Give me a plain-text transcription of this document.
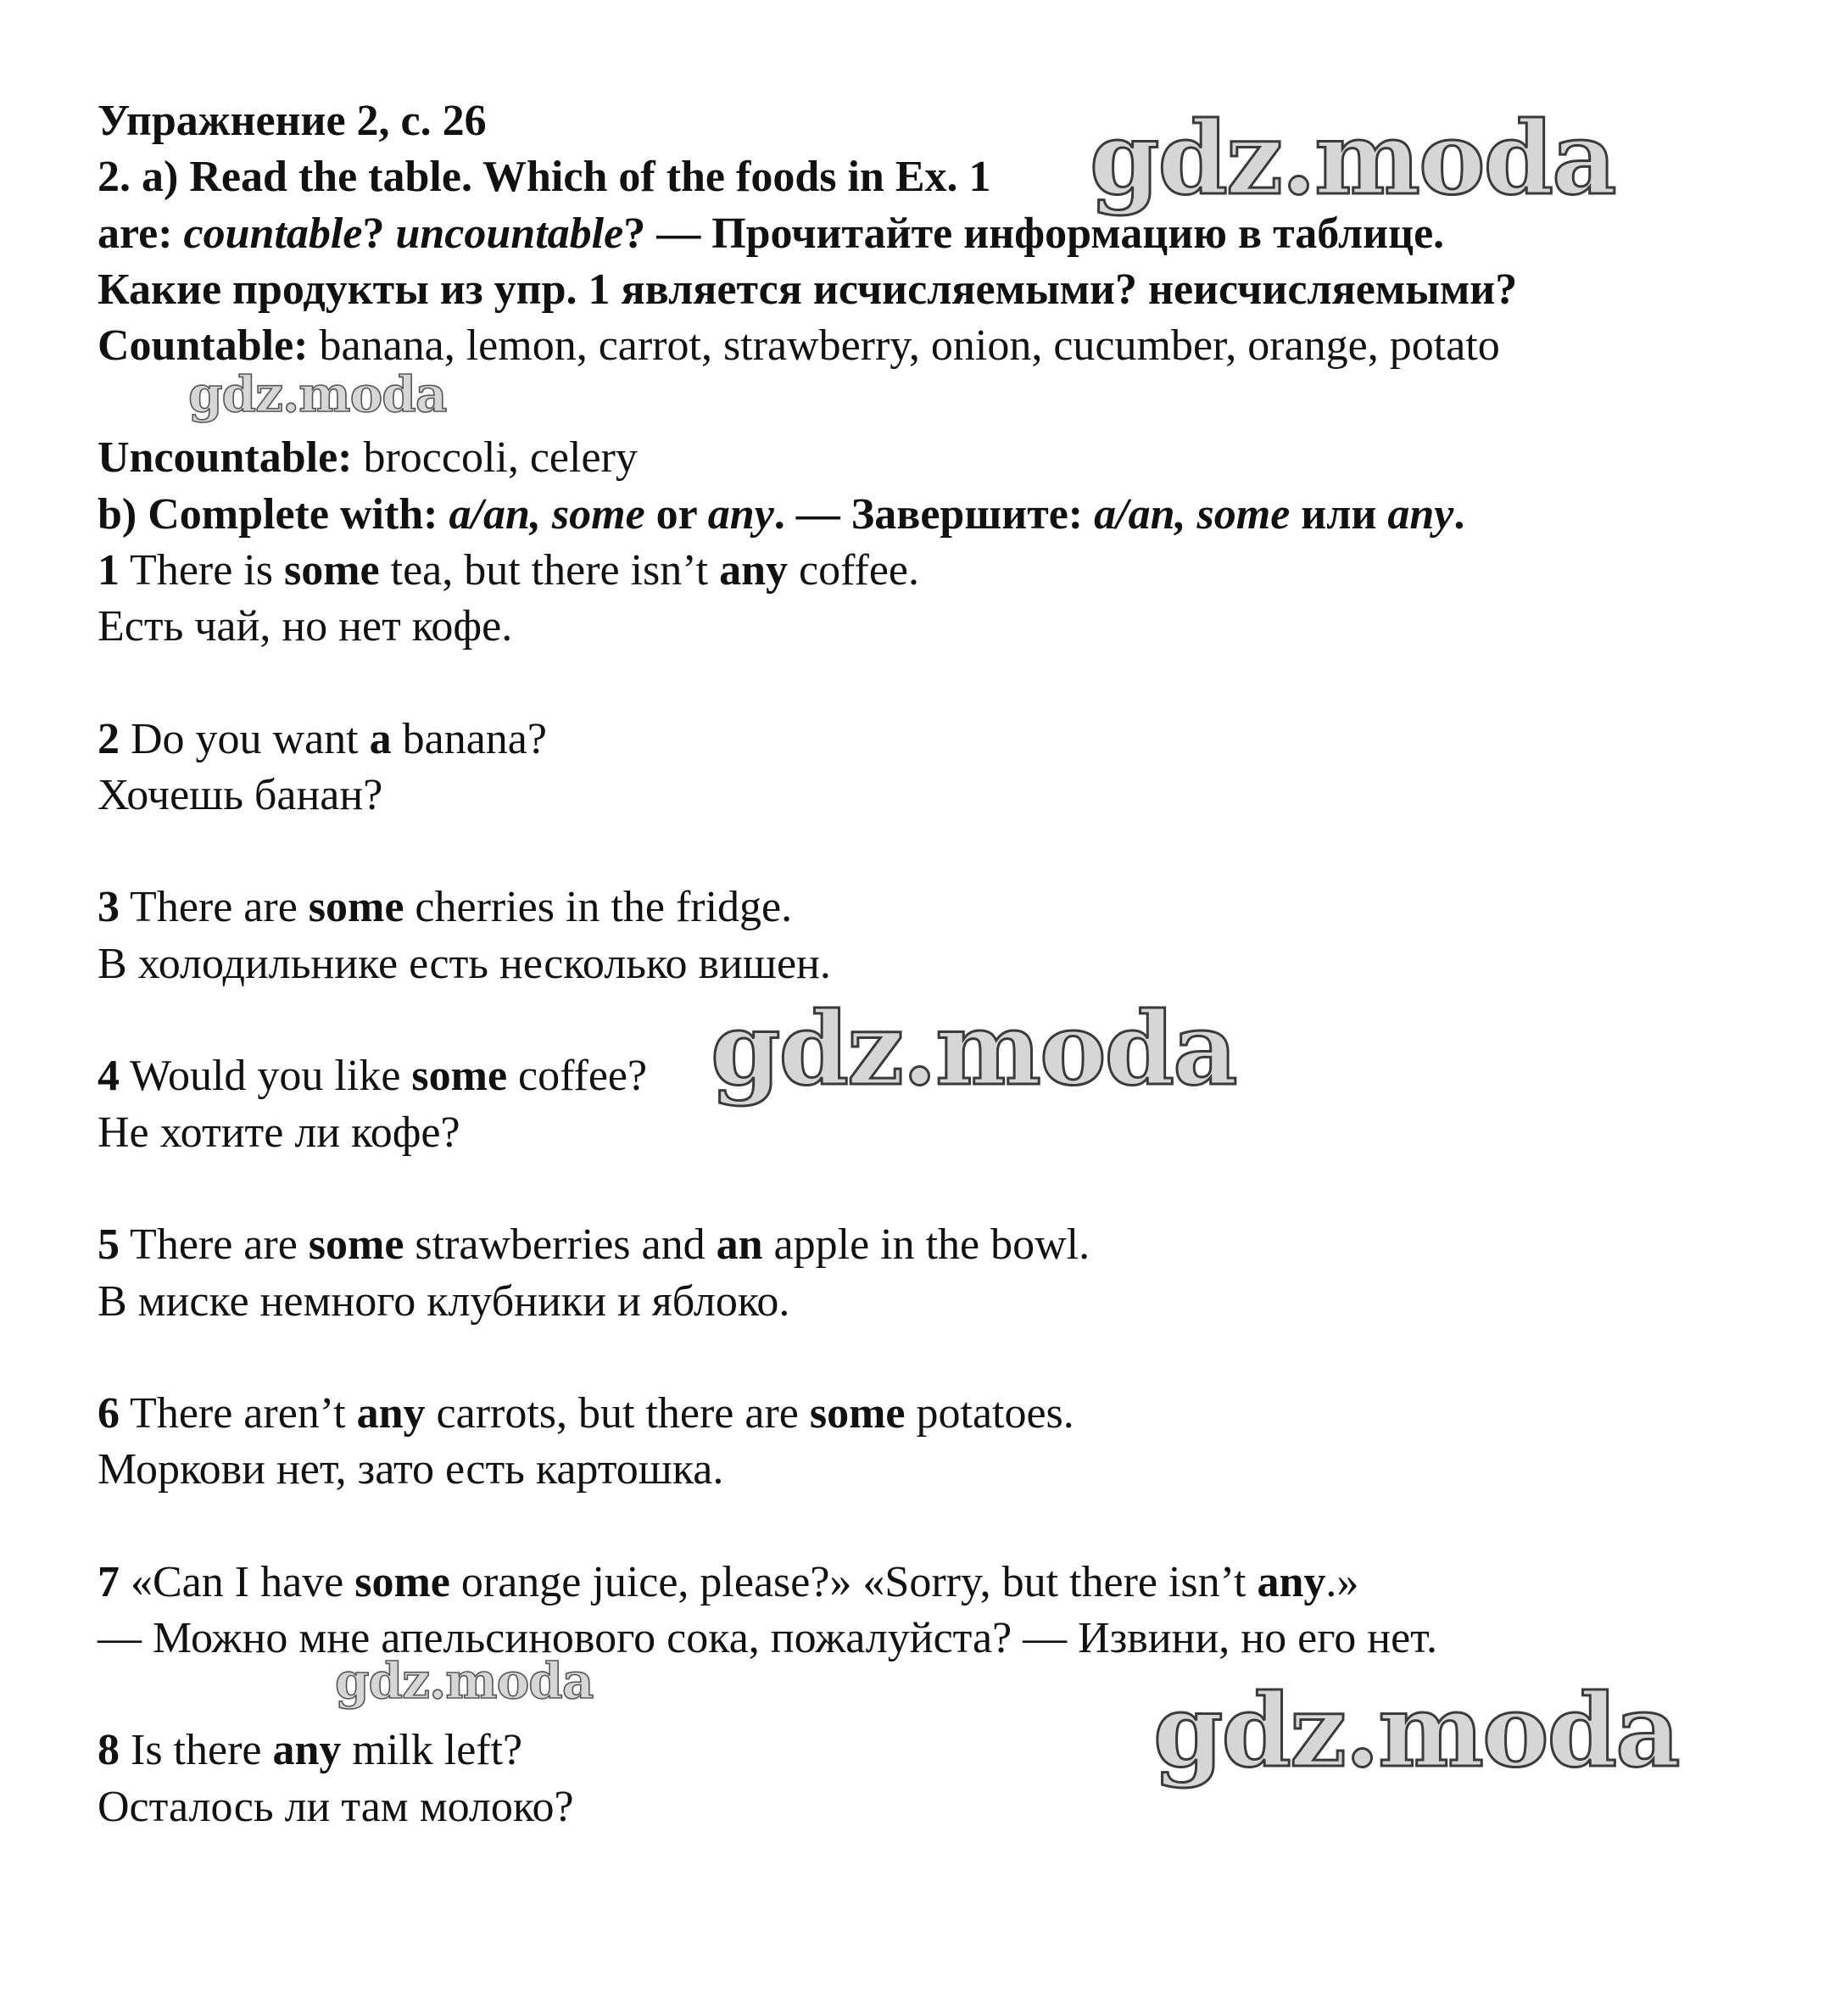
Упражнение 2, с. 26

2. a) Read the table. Which of the foods in Ex. 1

are: countable? uncountable? — Прочитайте информацию в таблице.

Какие продукты из упр. 1 является исчисляемыми? неисчисляемыми?

Countable: banana, lemon, carrot, strawberry, onion, cucumber, orange, potato

Uncountable: broccoli, celery

b) Complete with: a/an, some or any. — Завершите: a/an, some или any.

1 There is some tea, but there isn’t any coffee.

Есть чай, но нет кофе.

2 Do you want a banana?

Хочешь банан?

3 There are some cherries in the fridge.

В холодильнике есть несколько вишен.

4 Would you like some coffee?

Не хотите ли кофе?

5 There are some strawberries and an apple in the bowl.

В миске немного клубники и яблоко.

6 There aren’t any carrots, but there are some potatoes.

Моркови нет, зато есть картошка.

7 «Can I have some orange juice, please?» «Sorry, but there isn’t any.»

— Можно мне апельсинового сока, пожалуйста? — Извини, но его нет.

8 Is there any milk left?

Осталось ли там молоко?

gdz.moda
gdz.moda
gdz.moda
gdz.moda	gdz.moda
